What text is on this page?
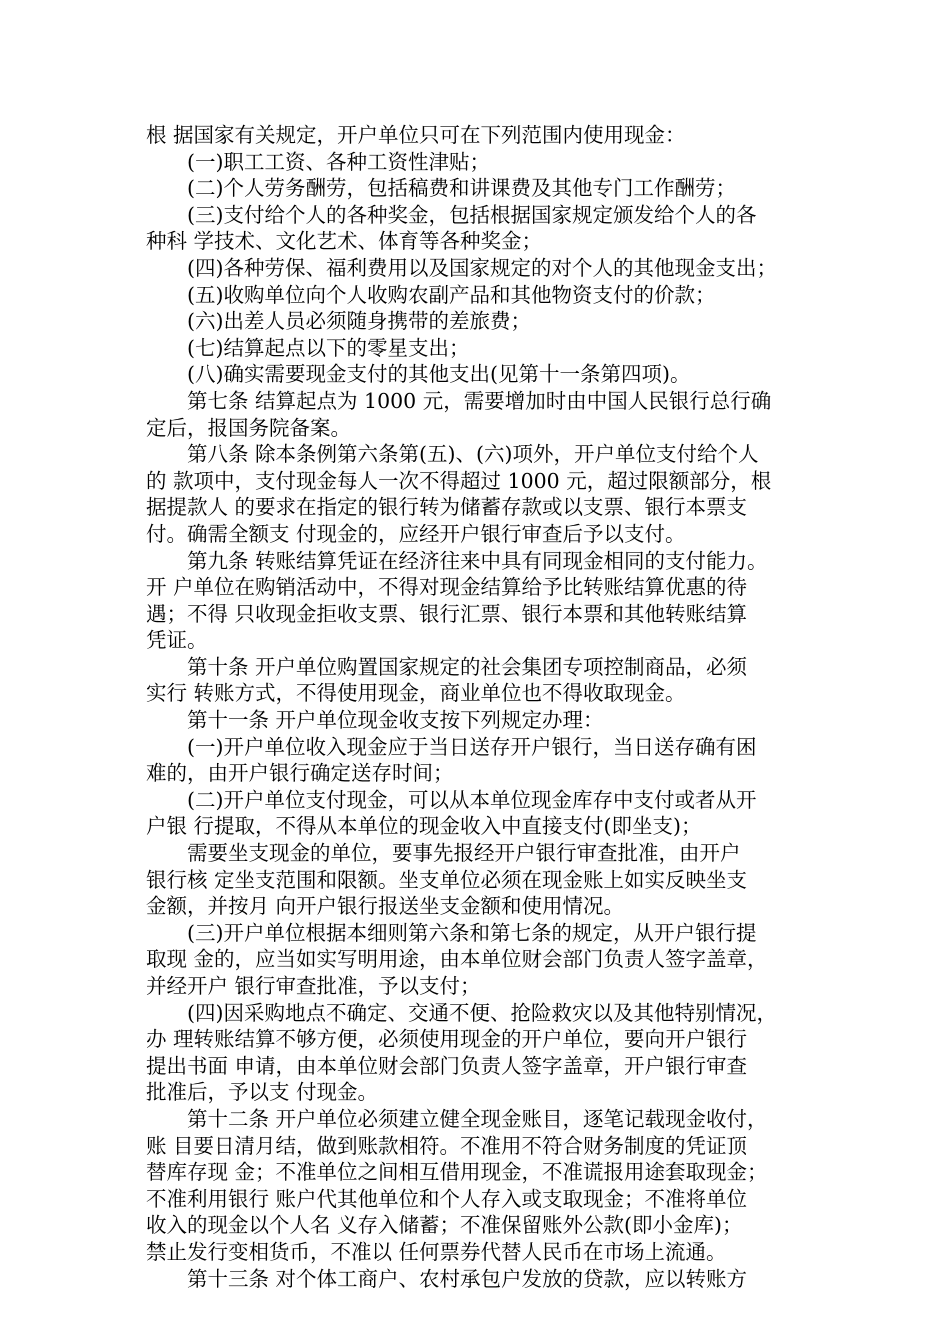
根 据国家有关规定，开户单位只可在下列范围内使用现金：
(一)职工工资、各种工资性津贴；
(二)个人劳务酬劳，包括稿费和讲课费及其他专门工作酬劳；
(三)支付给个人的各种奖金，包括根据国家规定颁发给个人的各
种科 学技术、文化艺术、体育等各种奖金；
(四)各种劳保、福利费用以及国家规定的对个人的其他现金支出；
(五)收购单位向个人收购农副产品和其他物资支付的价款；
(六)出差人员必须随身携带的差旅费；
(七)结算起点以下的零星支出；
(八)确实需要现金支付的其他支出(见第十一条第四项)。
第七条 结算起点为 1000 元，需要增加时由中国人民银行总行确
定后，报国务院备案。
第八条 除本条例第六条第(五)、(六)项外，开户单位支付给个人
的 款项中，支付现金每人一次不得超过 1000 元，超过限额部分，根
据提款人 的要求在指定的银行转为储蓄存款或以支票、银行本票支
付。确需全额支 付现金的，应经开户银行审查后予以支付。
第九条 转账结算凭证在经济往来中具有同现金相同的支付能力。
开 户单位在购销活动中，不得对现金结算给予比转账结算优惠的待
遇；不得 只收现金拒收支票、银行汇票、银行本票和其他转账结算
凭证。
第十条 开户单位购置国家规定的社会集团专项控制商品，必须
实行 转账方式，不得使用现金，商业单位也不得收取现金。
第十一条 开户单位现金收支按下列规定办理：
(一)开户单位收入现金应于当日送存开户银行，当日送存确有困
难的，由开户银行确定送存时间；
(二)开户单位支付现金，可以从本单位现金库存中支付或者从开
户银 行提取，不得从本单位的现金收入中直接支付(即坐支)；
需要坐支现金的单位，要事先报经开户银行审查批准，由开户
银行核 定坐支范围和限额。坐支单位必须在现金账上如实反映坐支
金额，并按月 向开户银行报送坐支金额和使用情况。
(三)开户单位根据本细则第六条和第七条的规定，从开户银行提
取现 金的，应当如实写明用途，由本单位财会部门负责人签字盖章，
并经开户 银行审查批准，予以支付；
(四)因采购地点不确定、交通不便、抢险救灾以及其他特别情况，
办 理转账结算不够方便，必须使用现金的开户单位，要向开户银行
提出书面 申请，由本单位财会部门负责人签字盖章，开户银行审查
批准后，予以支 付现金。
第十二条 开户单位必须建立健全现金账目，逐笔记载现金收付，
账 目要日清月结，做到账款相符。不准用不符合财务制度的凭证顶
替库存现 金；不准单位之间相互借用现金，不准谎报用途套取现金；
不准利用银行 账户代其他单位和个人存入或支取现金；不准将单位
收入的现金以个人名 义存入储蓄；不准保留账外公款(即小金库)；
禁止发行变相货币，不准以 任何票券代替人民币在市场上流通。
第十三条 对个体工商户、农村承包户发放的贷款，应以转账方
